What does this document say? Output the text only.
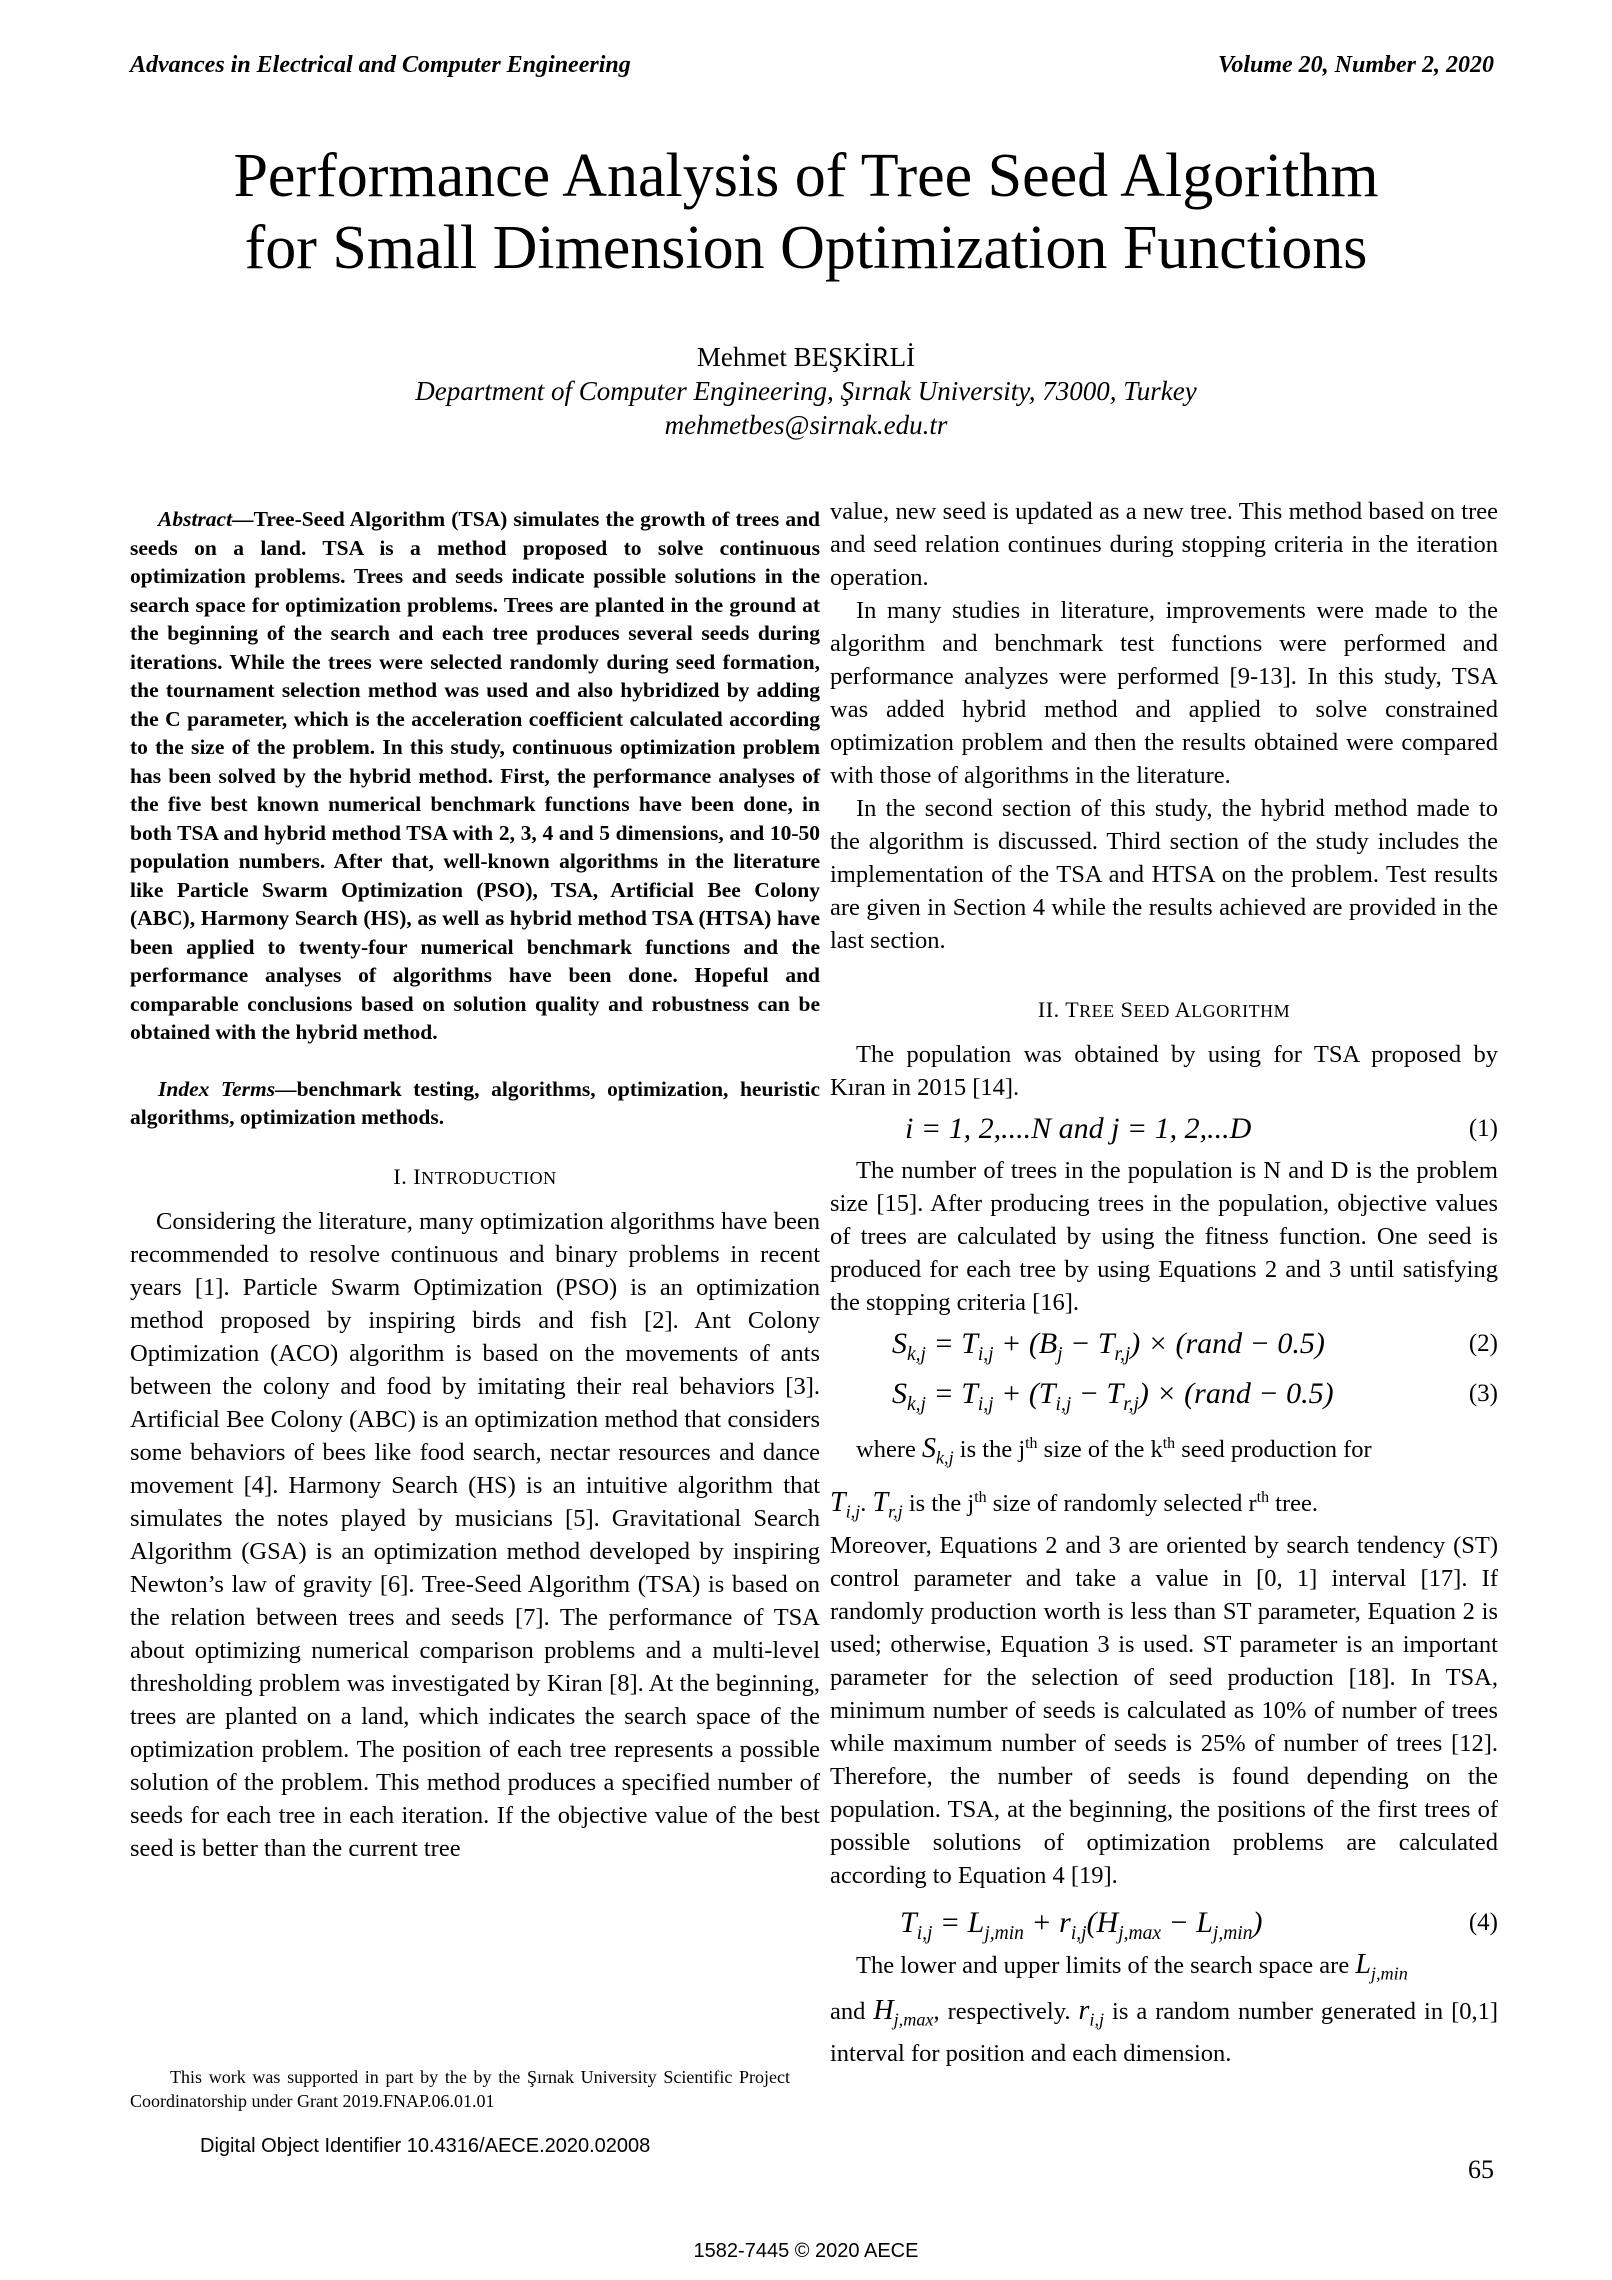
Advances in Electrical and Computer Engineering	Volume 20, Number 2, 2020
Performance Analysis of Tree Seed Algorithm
for Small Dimension Optimization Functions
Mehmet BEŞKİRLİ
Department of Computer Engineering, Şırnak University, 73000, Turkey
mehmetbes@sirnak.edu.tr

Abstract—Tree-Seed Algorithm (TSA) simulates the growth of trees and seeds on a land. TSA is a method proposed to solve continuous optimization problems. Trees and seeds indicate possible solutions in the search space for optimization problems. Trees are planted in the ground at the beginning of the search and each tree produces several seeds during iterations. While the trees were selected randomly during seed formation, the tournament selection method was used and also hybridized by adding the C parameter, which is the acceleration coefficient calculated according to the size of the problem. In this study, continuous optimization problem has been solved by the hybrid method. First, the performance analyses of the five best known numerical benchmark functions have been done, in both TSA and hybrid method TSA with 2, 3, 4 and 5 dimensions, and 10-50 population numbers. After that, well-known algorithms in the literature like Particle Swarm Optimization (PSO), TSA, Artificial Bee Colony (ABC), Harmony Search (HS), as well as hybrid method TSA (HTSA) have been applied to twenty-four numerical benchmark functions and the performance analyses of algorithms have been done. Hopeful and comparable conclusions based on solution quality and robustness can be obtained with the hybrid method.

Index Terms—benchmark testing, algorithms, optimization, heuristic algorithms, optimization methods.

I. INTRODUCTION

Considering the literature, many optimization algorithms have been recommended to resolve continuous and binary problems in recent years [1]. Particle Swarm Optimization (PSO) is an optimization method proposed by inspiring birds and fish [2]. Ant Colony Optimization (ACO) algorithm is based on the movements of ants between the colony and food by imitating their real behaviors [3]. Artificial Bee Colony (ABC) is an optimization method that considers some behaviors of bees like food search, nectar resources and dance movement [4]. Harmony Search (HS) is an intuitive algorithm that simulates the notes played by musicians [5]. Gravitational Search Algorithm (GSA) is an optimization method developed by inspiring Newton’s law of gravity [6]. Tree-Seed Algorithm (TSA) is based on the relation between trees and seeds [7]. The performance of TSA about optimizing numerical comparison problems and a multi-level thresholding problem was investigated by Kiran [8]. At the beginning, trees are planted on a land, which indicates the search space of the optimization problem. The position of each tree represents a possible solution of the problem. This method produces a specified number of seeds for each tree in each iteration. If the objective value of the best seed is better than the current tree

value, new seed is updated as a new tree. This method based on tree and seed relation continues during stopping criteria in the iteration operation.

In many studies in literature, improvements were made to the algorithm and benchmark test functions were performed and performance analyzes were performed [9-13]. In this study, TSA was added hybrid method and applied to solve constrained optimization problem and then the results obtained were compared with those of algorithms in the literature.

In the second section of this study, the hybrid method made to the algorithm is discussed. Third section of the study includes the implementation of the TSA and HTSA on the problem. Test results are given in Section 4 while the results achieved are provided in the last section.

II. TREE SEED ALGORITHM

The population was obtained by using for TSA proposed by Kıran in 2015 [14].

i = 1, 2,....N and j = 1, 2,...D	(1)

The number of trees in the population is N and D is the problem size [15]. After producing trees in the population, objective values of trees are calculated by using the fitness function. One seed is produced for each tree by using Equations 2 and 3 until satisfying the stopping criteria [16].

$S_{k,j} = T_{i,j} + (B_j - T_{r,j})$ × (rand − 0.5)	(2)
$S_{k,j} = T_{i,j} + (T_{i,j} - T_{r,j})$ × (rand − 0.5)	(3)

where $S_{k,j}$ is the $j^{th}$ size of the $k^{th}$ seed production for

$T_{i,j}$. $T_{r,j}$ is the $j^{th}$ size of randomly selected $r^{th}$ tree.

Moreover, Equations 2 and 3 are oriented by search tendency (ST) control parameter and take a value in [0, 1] interval [17]. If randomly production worth is less than ST parameter, Equation 2 is used; otherwise, Equation 3 is used. ST parameter is an important parameter for the selection of seed production [18]. In TSA, minimum number of seeds is calculated as 10% of number of trees while maximum number of seeds is 25% of number of trees [12]. Therefore, the number of seeds is found depending on the population. TSA, at the beginning, the positions of the first trees of possible solutions of optimization problems are calculated according to Equation 4 [19].

$T_{i,j} = L_{j,min} + r_{i,j}(H_{j,max} - L_{j,min})$	(4)

The lower and upper limits of the search space are $L_{j,min}$

and $H_{j,max}$, respectively. $r_{i,j}$ is a random number generated in [0,1] interval for position and each dimension.

This work was supported in part by the by the Şırnak University Scientific Project Coordinatorship under Grant 2019.FNAP.06.01.01
Digital Object Identifier 10.4316/AECE.2020.02008
65
1582-7445 © 2020 AECE
